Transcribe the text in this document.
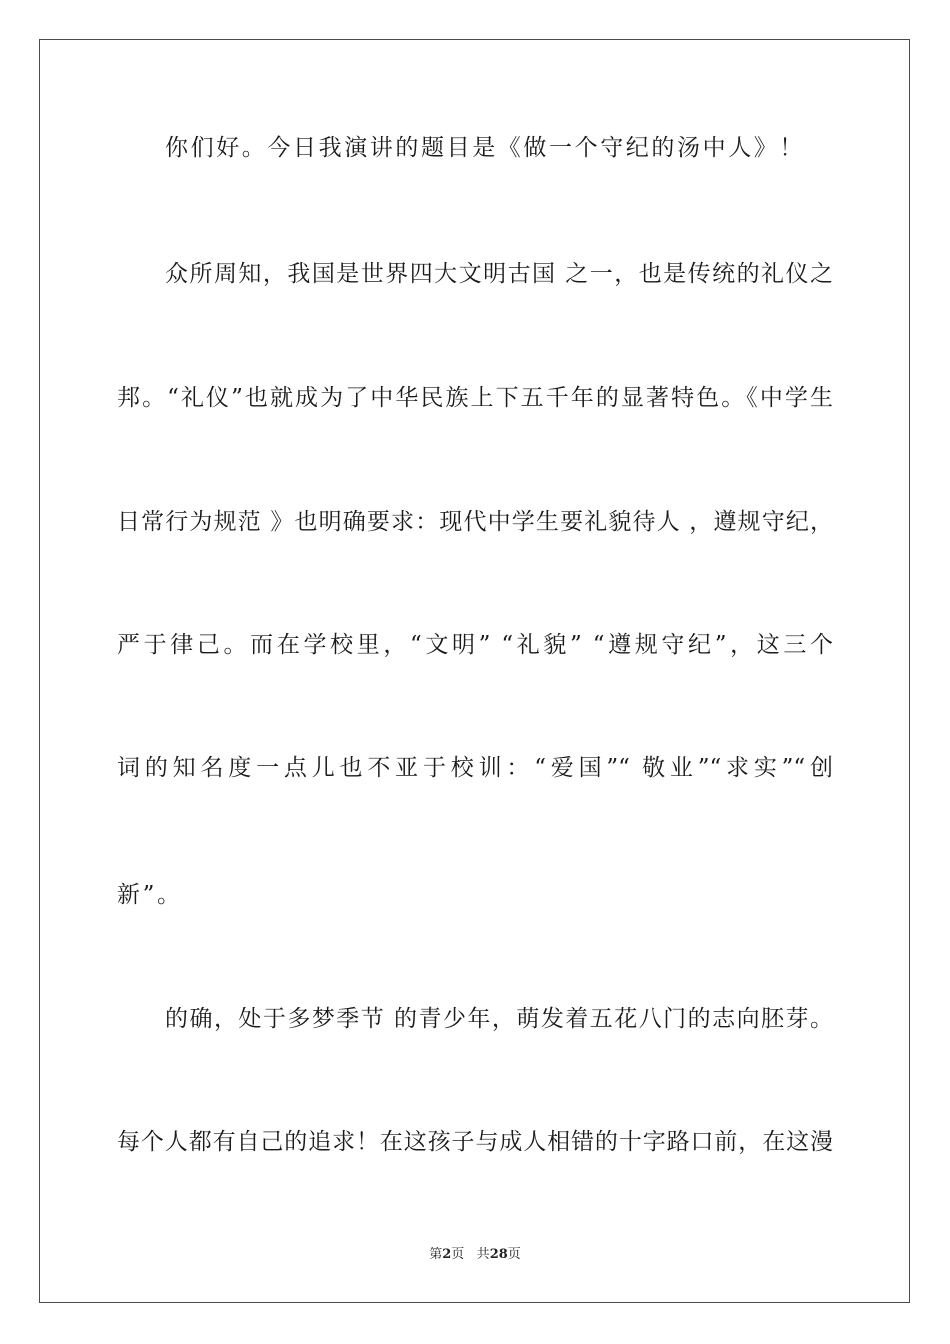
你们好。今日我演讲的题目是《做一个守纪的汤中人》！
众所周知，我国是世界四大文明古国 之一，也是传统的礼仪之
邦。“礼仪”也就成为了中华民族上下五千年的显著特色。《中学生
日常行为规范 》也明确要求：现代中学生要礼貌待人 ，遵规守纪，
严于律己。而在学校里，“文明” “礼貌” “遵规守纪”，这三个
词的知名度一点儿也不亚于校训：“爱国”“ 敬业”“求实”“创
新”。
的确，处于多梦季节 的青少年，萌发着五花八门的志向胚芽。
每个人都有自己的追求！在这孩子与成人相错的十字路口前，在这漫
第2页 共28页
